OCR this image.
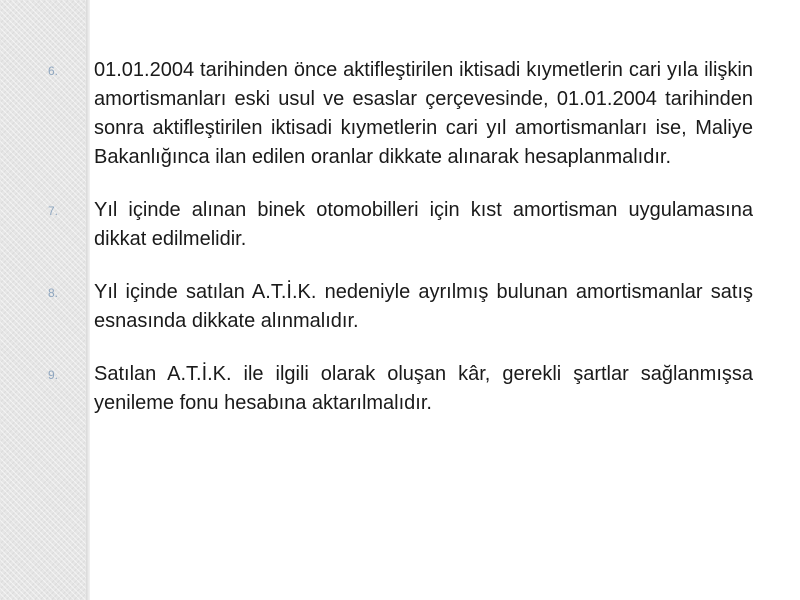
6.	01.01.2004 tarihinden önce aktifleştirilen iktisadi kıymetlerin cari yıla ilişkin amortismanları eski usul ve esaslar çerçevesinde, 01.01.2004 tarihinden sonra aktifleştirilen iktisadi kıymetlerin cari yıl amortismanları ise, Maliye Bakanlığınca ilan edilen oranlar dikkate alınarak hesaplanmalıdır.
7.	Yıl içinde alınan binek otomobilleri için kıst amortisman uygulamasına dikkat edilmelidir.
8.	Yıl içinde satılan A.T.İ.K. nedeniyle ayrılmış bulunan amortismanlar satış esnasında dikkate alınmalıdır.
9.	Satılan A.T.İ.K. ile ilgili olarak oluşan kâr, gerekli şartlar sağlanmışsa yenileme fonu hesabına aktarılmalıdır.
